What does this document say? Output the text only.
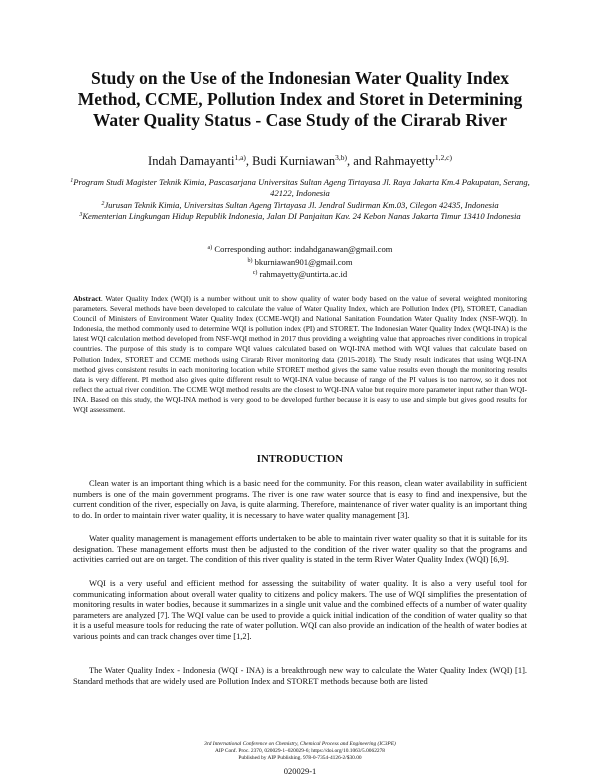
Study on the Use of the Indonesian Water Quality Index Method, CCME, Pollution Index and Storet in Determining Water Quality Status - Case Study of the Cirarab River
Indah Damayanti$^{1,a)}$, Budi Kurniawan$^{3,b)}$, and Rahmayetty$^{1,2,c)}$
$^1$Program Studi Magister Teknik Kimia, Pascasarjana Universitas Sultan Ageng Tirtayasa Jl. Raya Jakarta Km.4 Pakupatan, Serang, 42122, Indonesia
$^2$Jurusan Teknik Kimia, Universitas Sultan Ageng Tirtayasa Jl. Jendral Sudirman Km.03, Cilegon 42435, Indonesia
$^3$Kementerian Lingkungan Hidup Republik Indonesia, Jalan DI Panjaitan Kav. 24 Kebon Nanas Jakarta Timur 13410 Indonesia
$^{a)}$ Corresponding author: indahdganawan@gmail.com
$^{b)}$ bkurniawan901@gmail.com
$^{c)}$ rahmayetty@untirta.ac.id

Abstract. Water Quality Index (WQI) is a number without unit to show quality of water body based on the value of several weighted monitoring parameters. Several methods have been developed to calculate the value of Water Quality Index, which are Pollution Index (PI), STORET, Canadian Council of Ministers of Environment Water Quality Index (CCME-WQI) and National Sanitation Foundation Water Quality Index (NSF-WQI). In Indonesia, the method commonly used to determine WQI is pollution index (PI) and STORET. The Indonesian Water Quality Index (WQI-INA) is the latest WQI calculation method developed from NSF-WQI method in 2017 thus providing a weighting value that approaches river conditions in tropical countries. The purpose of this study is to compare WQI values calculated based on WQI-INA method with WQI values that calculate based on Pollution Index, STORET and CCME methods using Cirarab River monitoring data (2015-2018). The Study result indicates that using WQI-INA method gives consistent results in each monitoring location while STORET method gives the same value results even though the monitoring results data is very different. PI method also gives quite different result to WQI-INA value because of range of the PI values is too narrow, so it does not reflect the actual river condition. The CCME WQI method results are the closest to WQI-INA value but require more parameter input rather than WQI-INA. Based on this study, the WQI-INA method is very good to be developed further because it is easy to use and simple but gives good results for WQI assessment.

INTRODUCTION

Clean water is an important thing which is a basic need for the community. For this reason, clean water availability in sufficient numbers is one of the main government programs. The river is one raw water source that is easy to find and inexpensive, but the current condition of the river, especially on Java, is quite alarming. Therefore, maintenance of river water quality is an important thing to do. In order to maintain river water quality, it is necessary to have water quality management [3].

Water quality management is management efforts undertaken to be able to maintain river water quality so that it is suitable for its designation. These management efforts must then be adjusted to the condition of the river water quality so that the programs and activities carried out are on target. The condition of this river quality is stated in the term River Water Quality Index (WQI) [6,9].

WQI is a very useful and efficient method for assessing the suitability of water quality. It is also a very useful tool for communicating information about overall water quality to citizens and policy makers. The use of WQI simplifies the presentation of monitoring results in water bodies, because it summarizes in a single unit value and the combined effects of a number of water quality parameters are analyzed [7]. The WQI value can be used to provide a quick initial indication of the condition of water quality so that it is a useful measure tools for reducing the rate of water pollution. WQI can also provide an indication of the health of water bodies at various points and can track changes over time [1,2].

The Water Quality Index - Indonesia (WQI - INA) is a breakthrough new way to calculate the Water Quality Index (WQI) [1]. Standard methods that are widely used are Pollution Index and STORET methods because both are listed

3rd International Conference on Chemistry, Chemical Process and Engineering (IC3PE)
AIP Conf. Proc. 2370, 020029-1–020029-6; https://doi.org/10.1063/5.0062278
Published by AIP Publishing. 978-0-7354-4126-2/$30.00
020029-1
